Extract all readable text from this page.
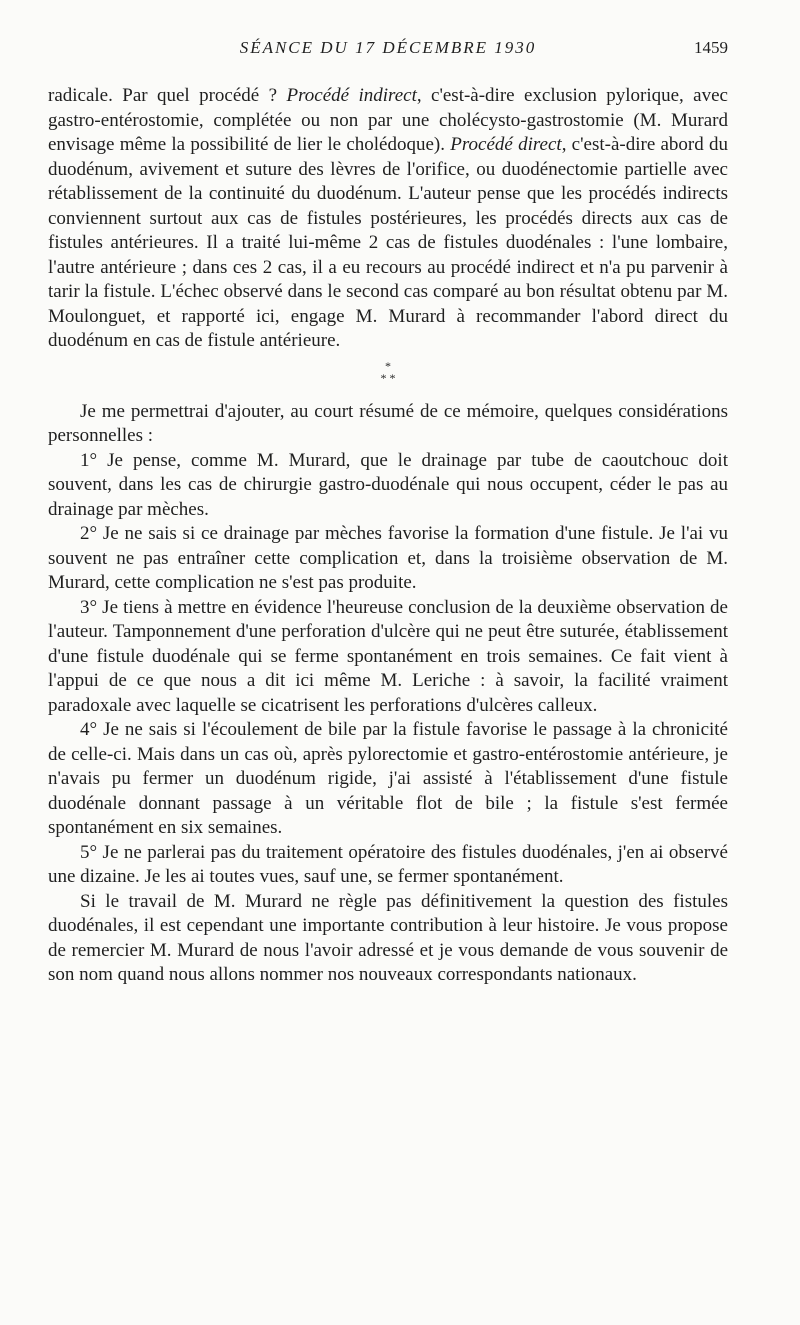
SÉANCE DU 17 DÉCEMBRE 1930	1459

radicale. Par quel procédé ? Procédé indirect, c'est-à-dire exclusion pylorique, avec gastro-entérostomie, complétée ou non par une cholécysto-gastrostomie (M. Murard envisage même la possibilité de lier le cholédoque). Procédé direct, c'est-à-dire abord du duodénum, avivement et suture des lèvres de l'orifice, ou duodénectomie partielle avec rétablissement de la continuité du duodénum. L'auteur pense que les procédés indirects conviennent surtout aux cas de fistules postérieures, les procédés directs aux cas de fistules antérieures. Il a traité lui-même 2 cas de fistules duodénales : l'une lombaire, l'autre antérieure ; dans ces 2 cas, il a eu recours au procédé indirect et n'a pu parvenir à tarir la fistule. L'échec observé dans le second cas comparé au bon résultat obtenu par M. Moulonguet, et rapporté ici, engage M. Murard à recommander l'abord direct du duodénum en cas de fistule antérieure.

*
* *

Je me permettrai d'ajouter, au court résumé de ce mémoire, quelques considérations personnelles :

1° Je pense, comme M. Murard, que le drainage par tube de caoutchouc doit souvent, dans les cas de chirurgie gastro-duodénale qui nous occupent, céder le pas au drainage par mèches.

2° Je ne sais si ce drainage par mèches favorise la formation d'une fistule. Je l'ai vu souvent ne pas entraîner cette complication et, dans la troisième observation de M. Murard, cette complication ne s'est pas produite.

3° Je tiens à mettre en évidence l'heureuse conclusion de la deuxième observation de l'auteur. Tamponnement d'une perforation d'ulcère qui ne peut être suturée, établissement d'une fistule duodénale qui se ferme spontanément en trois semaines. Ce fait vient à l'appui de ce que nous a dit ici même M. Leriche : à savoir, la facilité vraiment paradoxale avec laquelle se cicatrisent les perforations d'ulcères calleux.

4° Je ne sais si l'écoulement de bile par la fistule favorise le passage à la chronicité de celle-ci. Mais dans un cas où, après pylorectomie et gastro-entérostomie antérieure, je n'avais pu fermer un duodénum rigide, j'ai assisté à l'établissement d'une fistule duodénale donnant passage à un véritable flot de bile ; la fistule s'est fermée spontanément en six semaines.

5° Je ne parlerai pas du traitement opératoire des fistules duodénales, j'en ai observé une dizaine. Je les ai toutes vues, sauf une, se fermer spontanément.

Si le travail de M. Murard ne règle pas définitivement la question des fistules duodénales, il est cependant une importante contribution à leur histoire. Je vous propose de remercier M. Murard de nous l'avoir adressé et je vous demande de vous souvenir de son nom quand nous allons nommer nos nouveaux correspondants nationaux.
